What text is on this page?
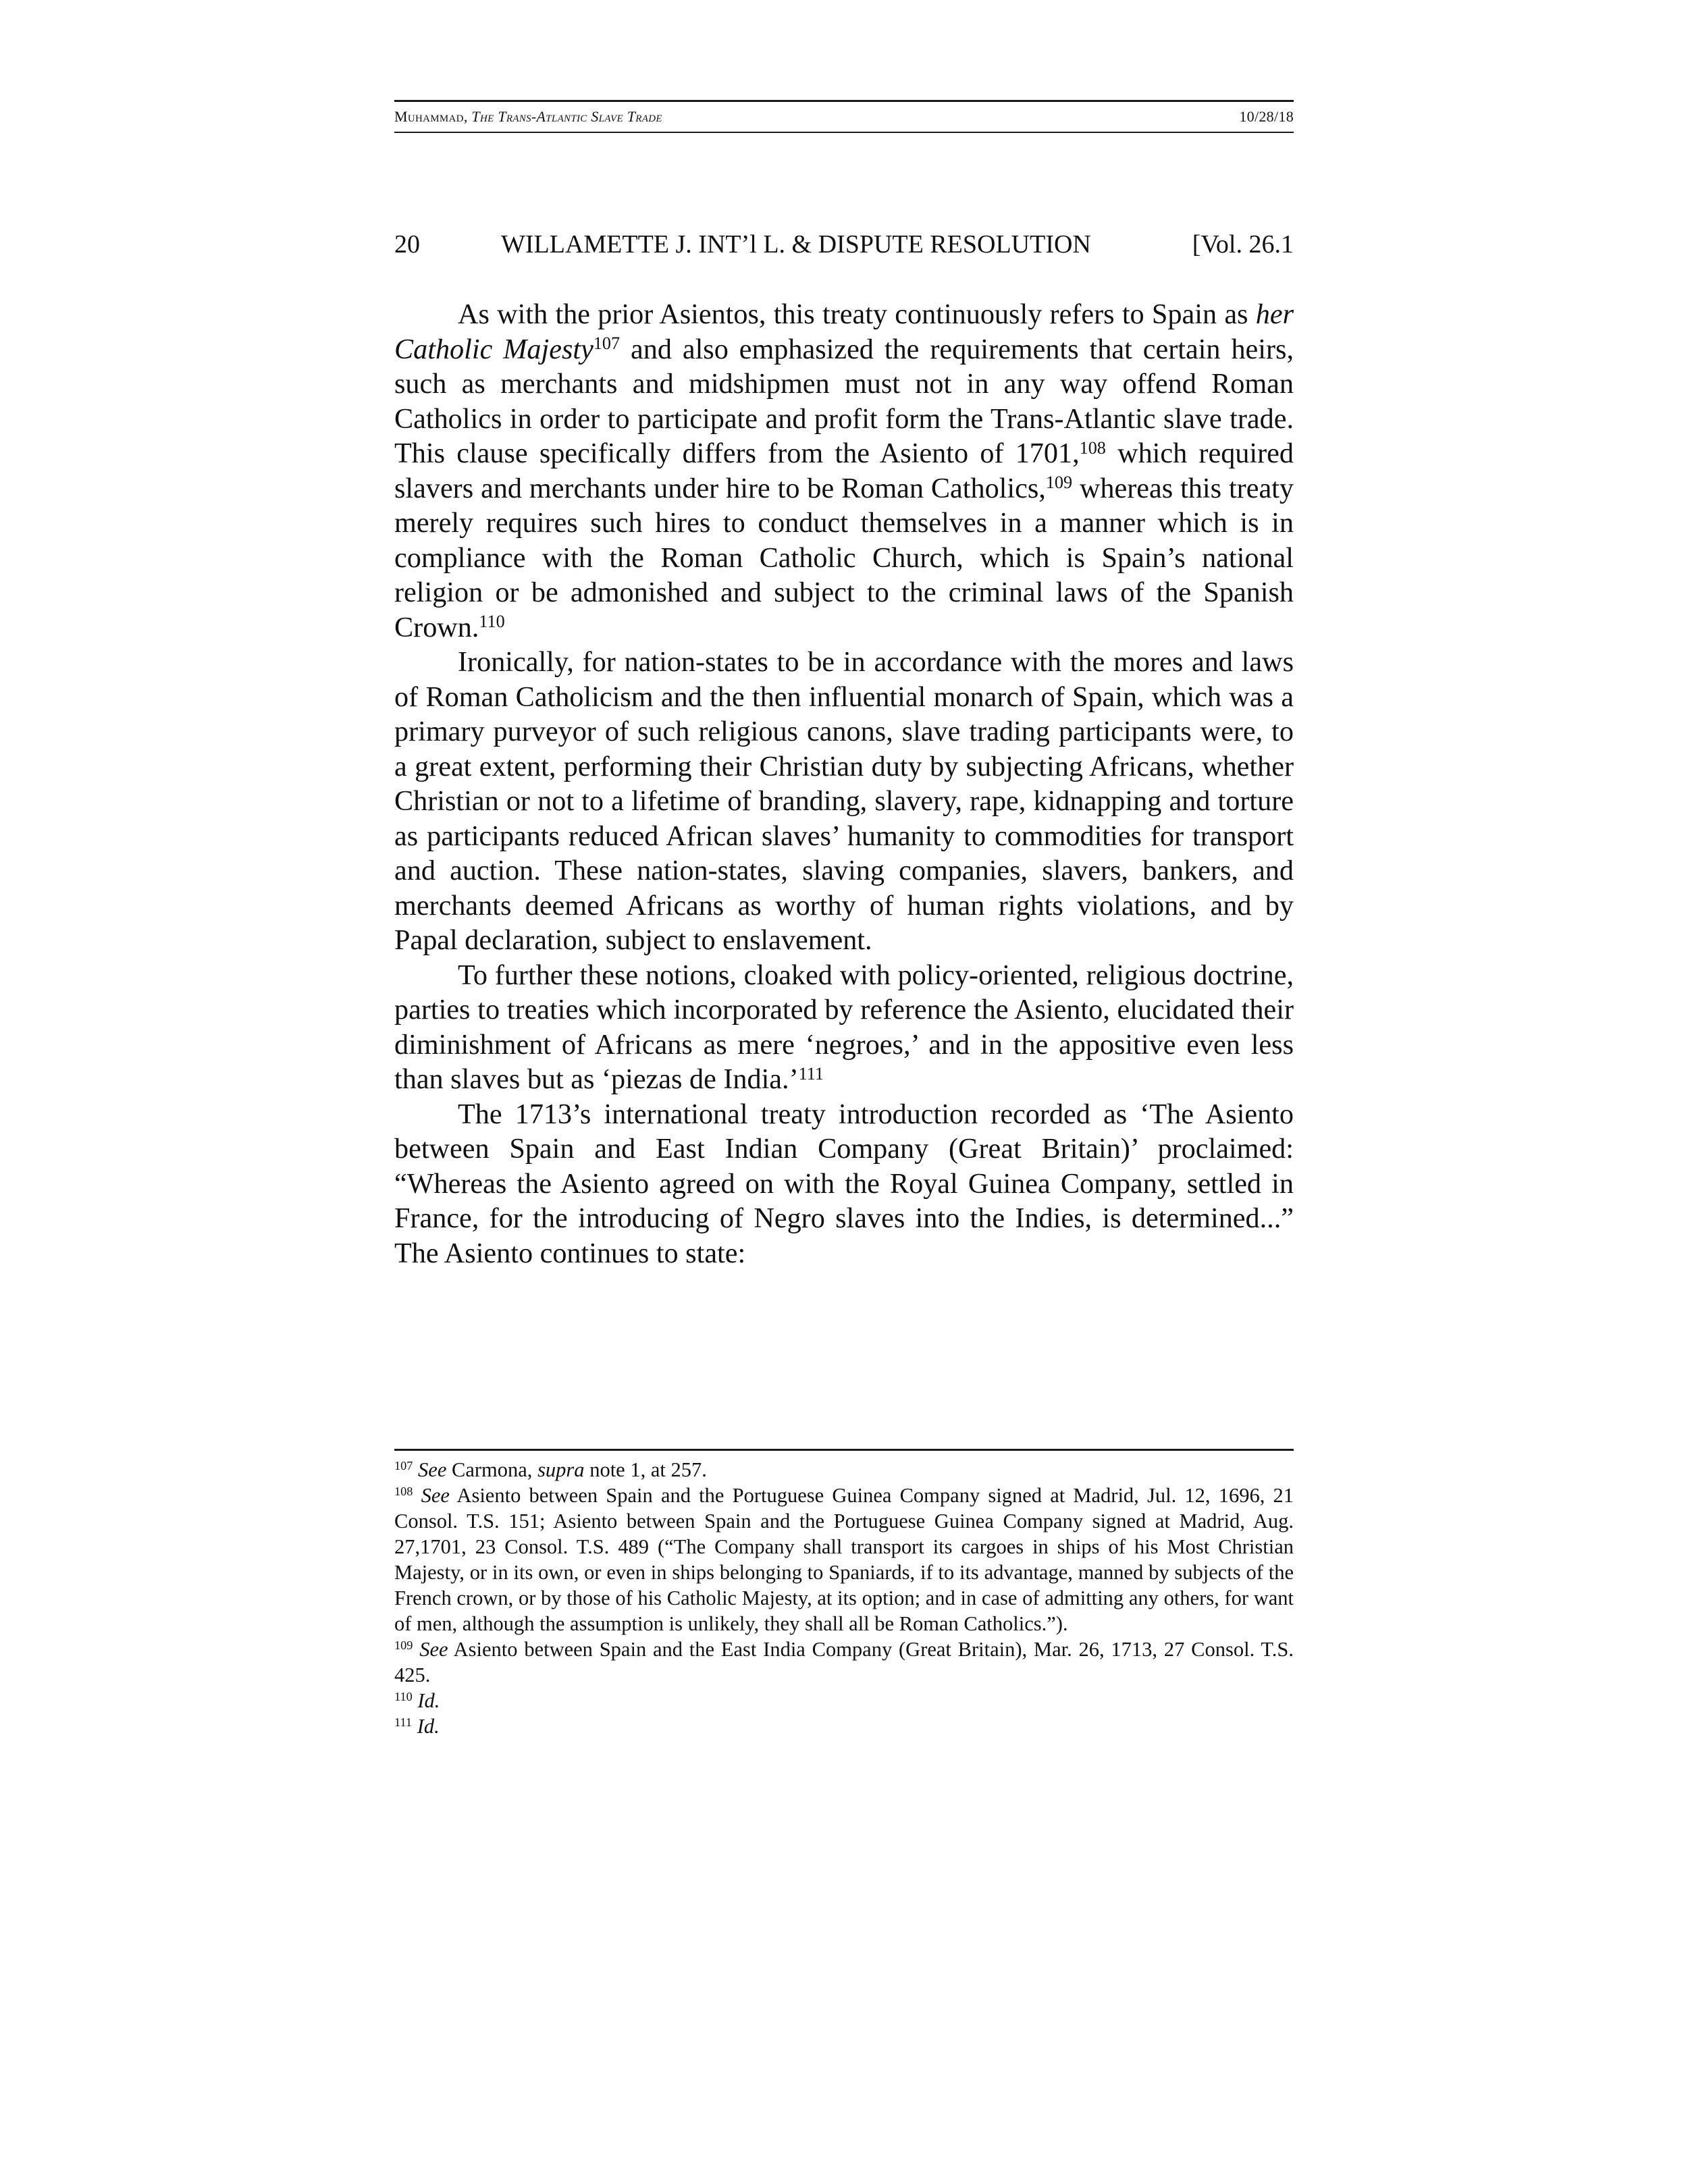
Muhammad, The Trans-Atlantic Slave Trade	10/28/18
20	WILLAMETTE J. INT’l L. & DISPUTE RESOLUTION	[Vol. 26.1

As with the prior Asientos, this treaty continuously refers to Spain as her Catholic Majesty$^{107}$ and also emphasized the requirements that certain heirs, such as merchants and midshipmen must not in any way offend Roman Catholics in order to participate and profit form the Trans-Atlantic slave trade. This clause specifically differs from the Asiento of 1701,$^{108}$ which required slavers and merchants under hire to be Roman Catholics,$^{109}$ whereas this treaty merely requires such hires to conduct themselves in a manner which is in compliance with the Roman Catholic Church, which is Spain’s national religion or be admonished and subject to the criminal laws of the Spanish Crown.$^{110}$

Ironically, for nation-states to be in accordance with the mores and laws of Roman Catholicism and the then influential monarch of Spain, which was a primary purveyor of such religious canons, slave trading participants were, to a great extent, performing their Christian duty by subjecting Africans, whether Christian or not to a lifetime of branding, slavery, rape, kidnapping and torture as participants reduced African slaves’ humanity to commodities for transport and auction. These nation-states, slaving companies, slavers, bankers, and merchants deemed Africans as worthy of human rights violations, and by Papal declaration, subject to enslavement.

To further these notions, cloaked with policy-oriented, religious doctrine, parties to treaties which incorporated by reference the Asiento, elucidated their diminishment of Africans as mere ‘negroes,’ and in the appositive even less than slaves but as ‘piezas de India.’$^{111}$

The 1713’s international treaty introduction recorded as ‘The Asiento between Spain and East Indian Company (Great Britain)’ proclaimed: “Whereas the Asiento agreed on with the Royal Guinea Company, settled in France, for the introducing of Negro slaves into the Indies, is determined...” The Asiento continues to state:

$^{107}$ See Carmona, supra note 1, at 257.

$^{108}$ See Asiento between Spain and the Portuguese Guinea Company signed at Madrid, Jul. 12, 1696, 21 Consol. T.S. 151; Asiento between Spain and the Portuguese Guinea Company signed at Madrid, Aug. 27,1701, 23 Consol. T.S. 489 (“The Company shall transport its cargoes in ships of his Most Christian Majesty, or in its own, or even in ships belonging to Spaniards, if to its advantage, manned by subjects of the French crown, or by those of his Catholic Majesty, at its option; and in case of admitting any others, for want of men, although the assumption is unlikely, they shall all be Roman Catholics.”).

$^{109}$ See Asiento between Spain and the East India Company (Great Britain), Mar. 26, 1713, 27 Consol. T.S. 425.

$^{110}$ Id.

$^{111}$ Id.
